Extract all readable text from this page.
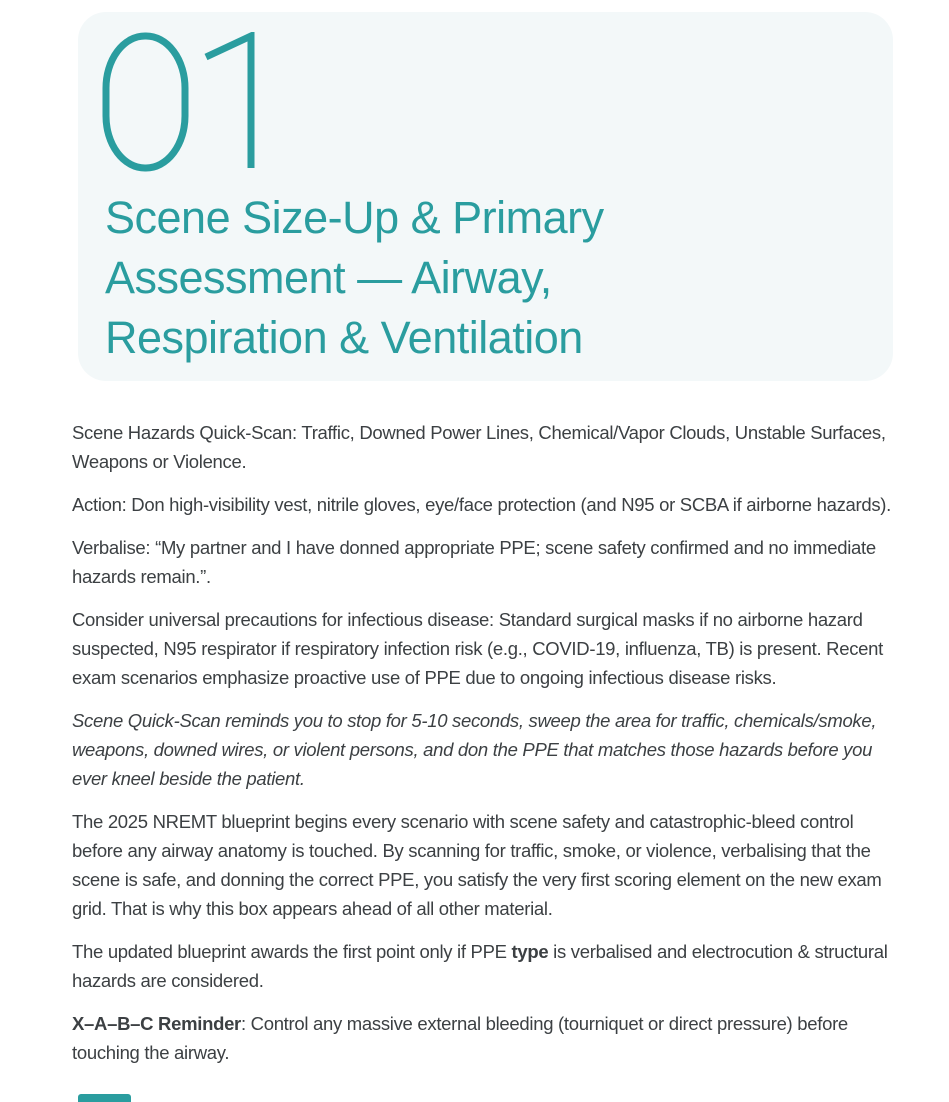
Scene Size-Up & Primary Assessment — Airway, Respiration & Ventilation

Scene Hazards Quick-Scan: Traffic, Downed Power Lines, Chemical/Vapor Clouds, Unstable Surfaces, Weapons or Violence.

Action: Don high-visibility vest, nitrile gloves, eye/face protection (and N95 or SCBA if airborne hazards).

Verbalise: “My partner and I have donned appropriate PPE; scene safety confirmed and no immediate hazards remain.”.

Consider universal precautions for infectious disease: Standard surgical masks if no airborne hazard suspected, N95 respirator if respiratory infection risk (e.g., COVID-19, influenza, TB) is present. Recent exam scenarios emphasize proactive use of PPE due to ongoing infectious disease risks.

Scene Quick-Scan reminds you to stop for 5-10 seconds, sweep the area for traffic, chemicals/smoke, weapons, downed wires, or violent persons, and don the PPE that matches those hazards before you ever kneel beside the patient.

The 2025 NREMT blueprint begins every scenario with scene safety and catastrophic-bleed control before any airway anatomy is touched. By scanning for traffic, smoke, or violence, verbalising that the scene is safe, and donning the correct PPE, you satisfy the very first scoring element on the new exam grid. That is why this box appears ahead of all other material.

The updated blueprint awards the first point only if PPE type is verbalised and electrocution & structural hazards are considered.

X–A–B–C Reminder: Control any massive external bleeding (tourniquet or direct pressure) before touching the airway.
